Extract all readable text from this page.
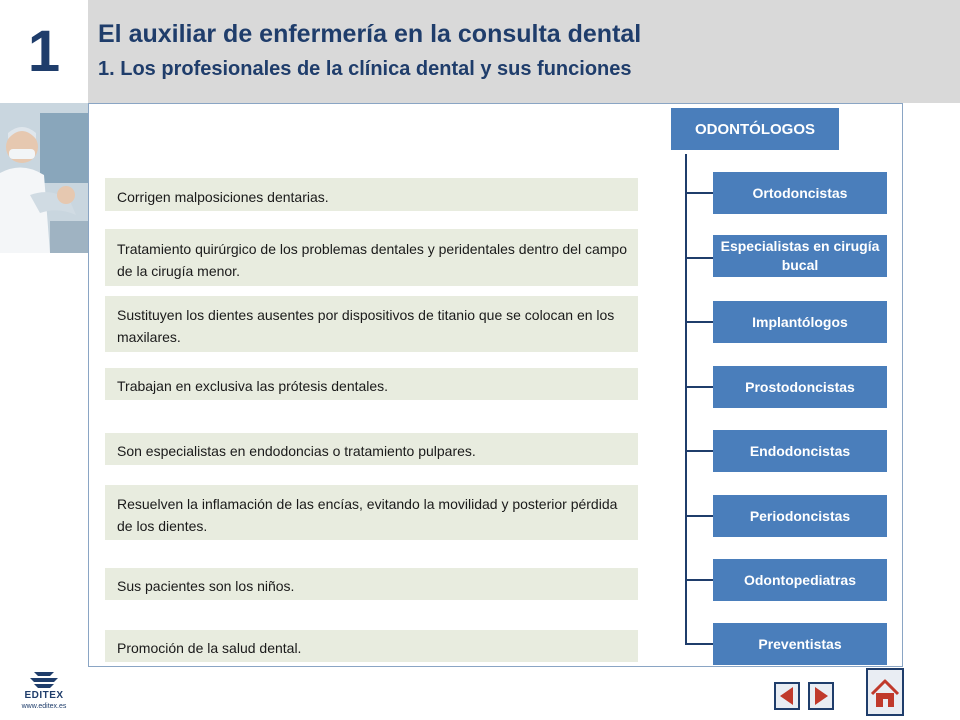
1	El auxiliar de enfermería en la consulta dental
1. Los profesionales de la clínica dental y sus funciones
Corrigen malposiciones dentarias.
Tratamiento quirúrgico de los problemas dentales y peridentales dentro del campo de la cirugía menor.
Sustituyen los dientes ausentes por dispositivos de titanio que se colocan en los maxilares.
Trabajan en exclusiva las prótesis dentales.
Son especialistas en endodoncias o tratamiento pulpares.
Resuelven la inflamación de las encías, evitando la movilidad y posterior pérdida de los dientes.
Sus pacientes son los niños.
Promoción de la salud dental.
ODONTÓLOGOS
Ortodoncistas
Especialistas en cirugía bucal
Implantólogos
Prostodoncistas
Endodoncistas
Periodoncistas
Odontopediatras
Preventistas
EDITEX
www.editex.es
